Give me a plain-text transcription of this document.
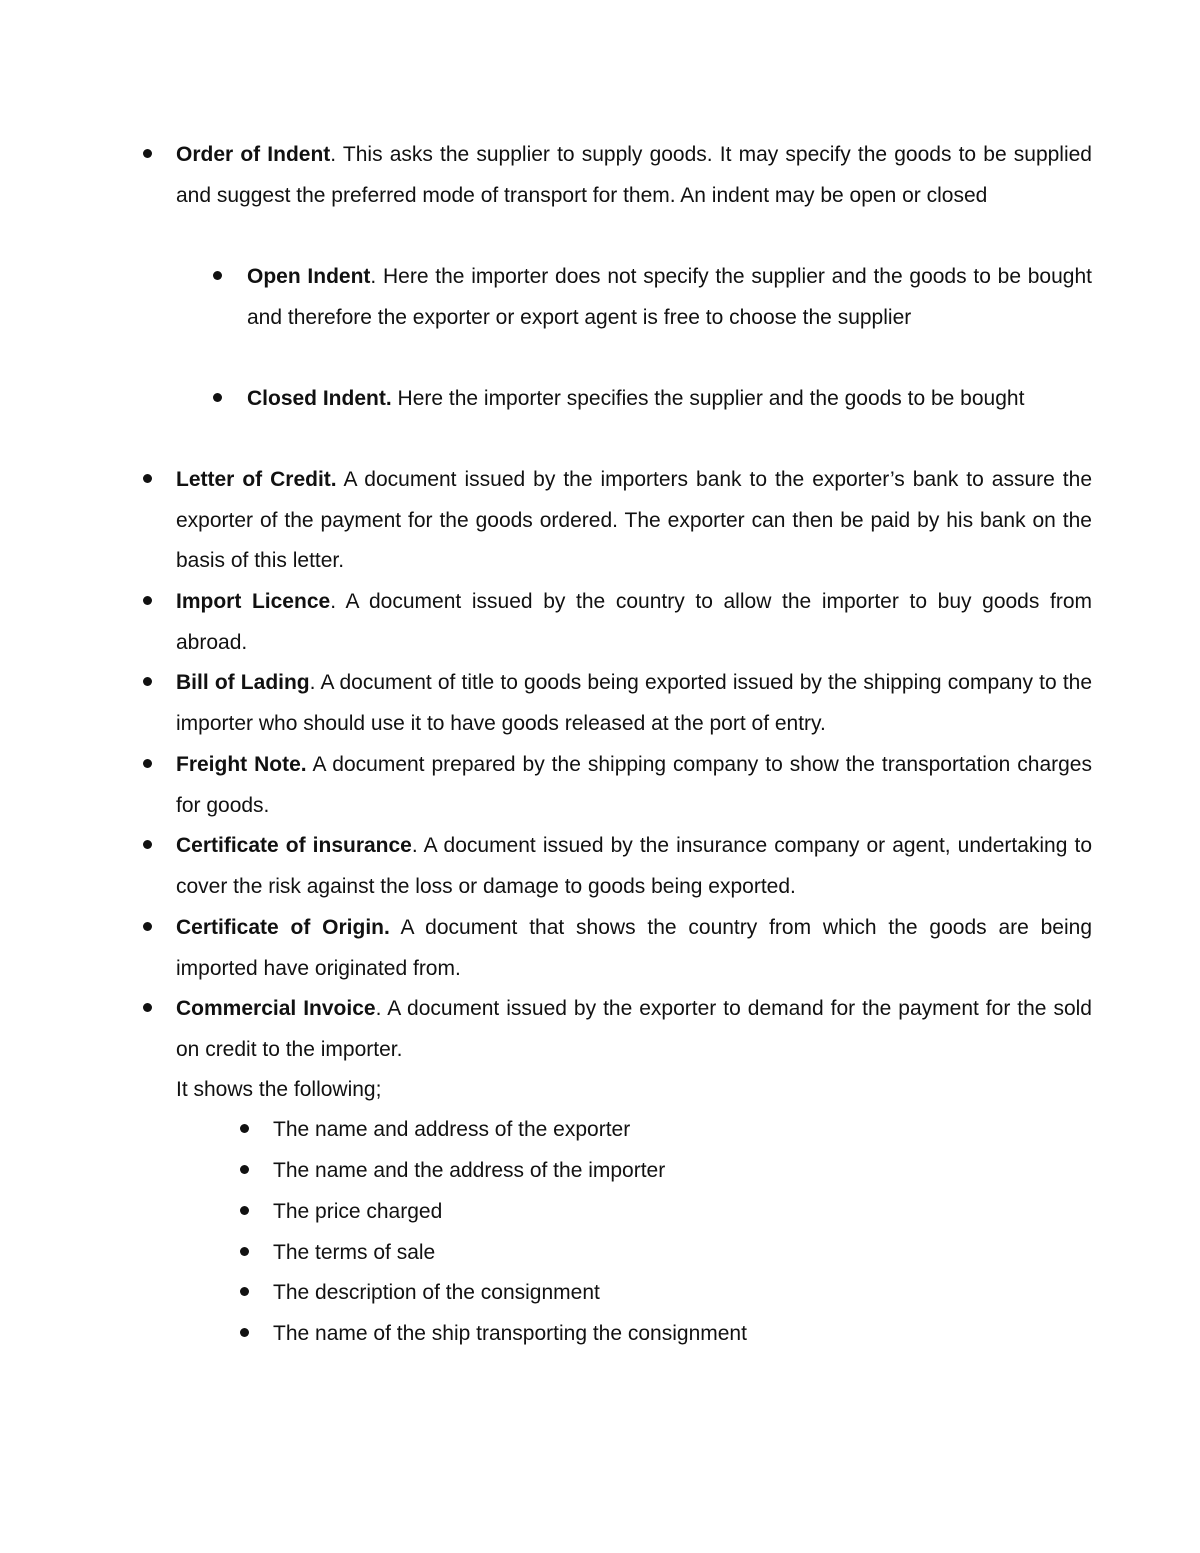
Order of Indent. This asks the supplier to supply goods. It may specify the goods to be supplied and suggest the preferred mode of transport for them. An indent may be open or closed
Open Indent. Here the importer does not specify the supplier and the goods to be bought and therefore the exporter or export agent is free to choose the supplier
Closed Indent. Here the importer specifies the supplier and the goods to be bought
Letter of Credit. A document issued by the importers bank to the exporter’s bank to assure the exporter of the payment for the goods ordered. The exporter can then be paid by his bank on the basis of this letter.
Import Licence. A document issued by the country to allow the importer to buy goods from abroad.
Bill of Lading. A document of title to goods being exported issued by the shipping company to the importer who should use it to have goods released at the port of entry.
Freight Note. A document prepared by the shipping company to show the transportation charges for goods.
Certificate of insurance. A document issued by the insurance company or agent, undertaking to cover the risk against the loss or damage to goods being exported.
Certificate of Origin. A document that shows the country from which the goods are being imported have originated from.
Commercial Invoice. A document issued by the exporter to demand for the payment for the sold on credit to the importer.
It shows the following;
The name and address of the exporter
The name and the address of the importer
The price charged
The terms of sale
The description of the consignment
The name of the ship transporting the consignment
